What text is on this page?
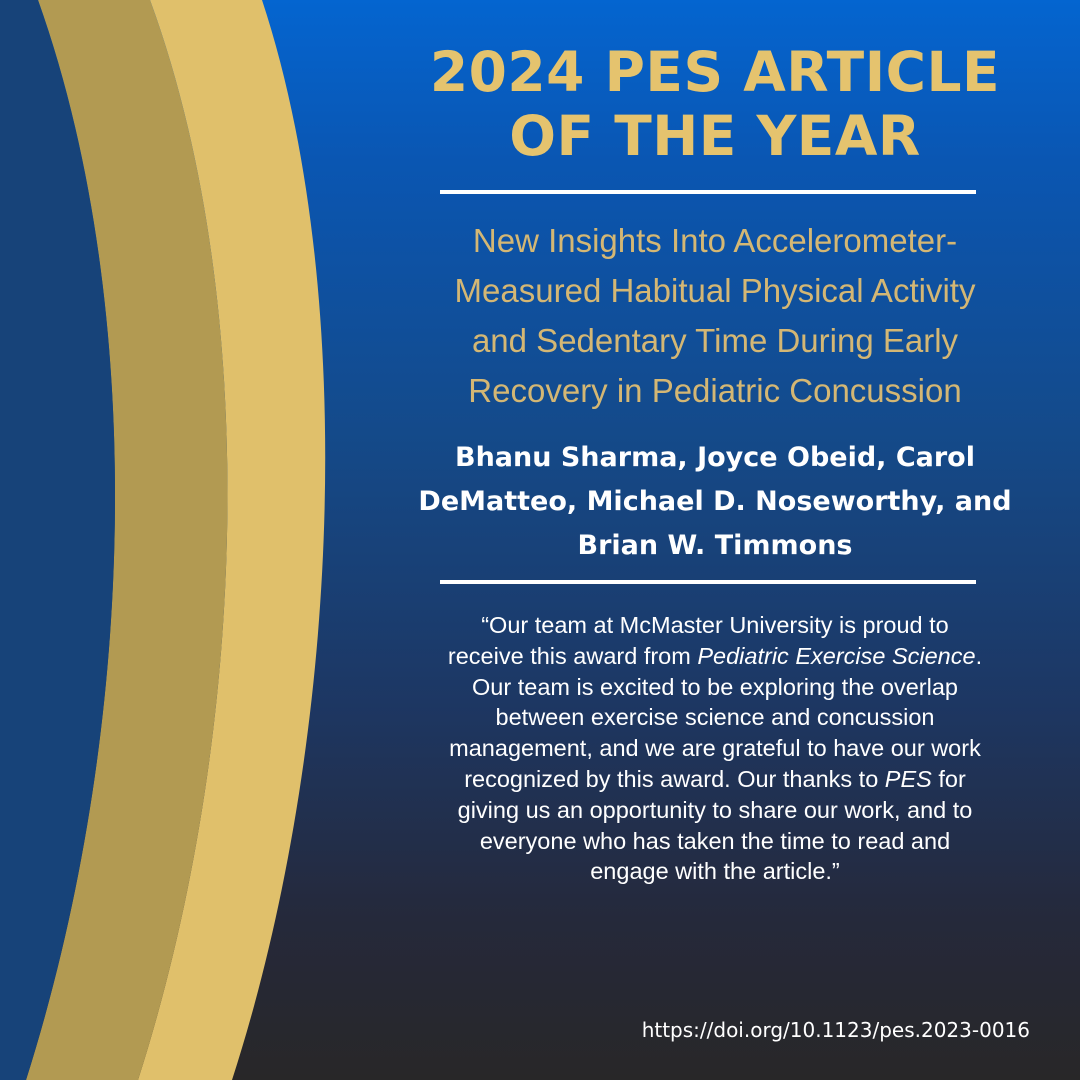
2024 PES ARTICLE
OF THE YEAR

New Insights Into Accelerometer-
Measured Habitual Physical Activity
and Sedentary Time During Early
Recovery in Pediatric Concussion

Bhanu Sharma, Joyce Obeid, Carol
DeMatteo, Michael D. Noseworthy, and
Brian W. Timmons

“Our team at McMaster University is proud to
receive this award from Pediatric Exercise Science.
Our team is excited to be exploring the overlap
between exercise science and concussion
management, and we are grateful to have our work
recognized by this award. Our thanks to PES for
giving us an opportunity to share our work, and to
everyone who has taken the time to read and
engage with the article.”

https://doi.org/10.1123/pes.2023-0016
